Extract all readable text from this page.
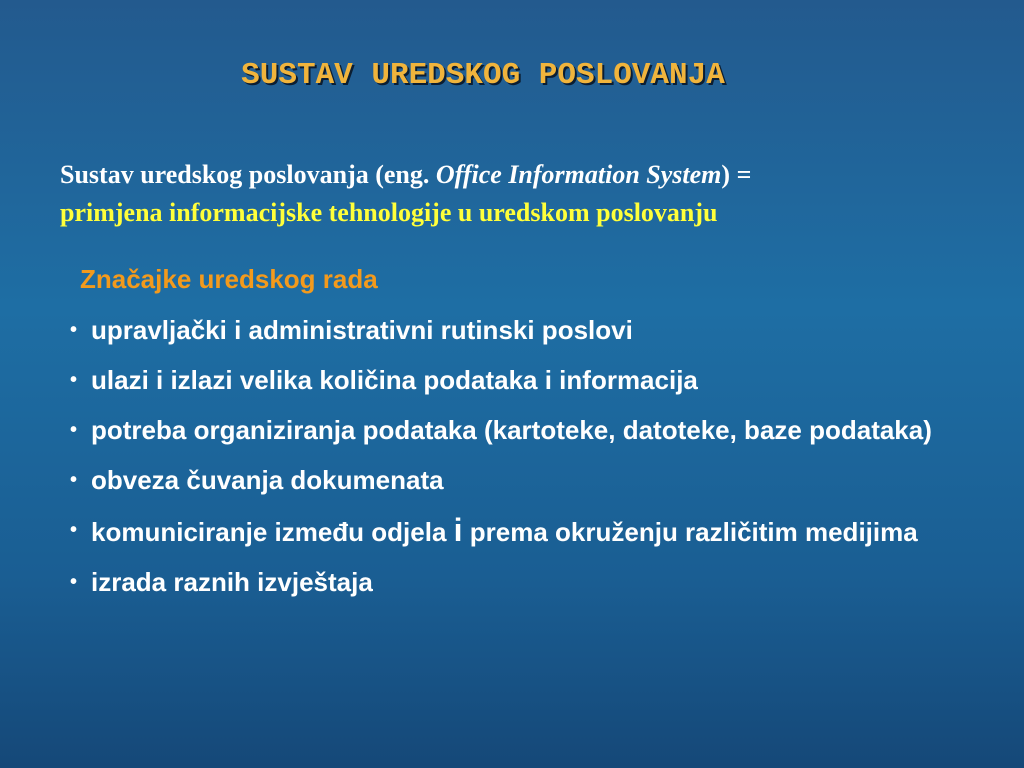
SUSTAV UREDSKOG POSLOVANJA
Sustav uredskog poslovanja (eng. Office Information System) =
primjena informacijske tehnologije u uredskom poslovanju
Značajke uredskog rada
• upravljački i administrativni rutinski poslovi
• ulazi i izlazi velika količina podataka i informacija
• potreba organiziranja podataka (kartoteke, datoteke, baze podataka)
• obveza čuvanja dokumenata
• komuniciranje između odjela i prema okruženju različitim medijima
• izrada raznih izvještaja
